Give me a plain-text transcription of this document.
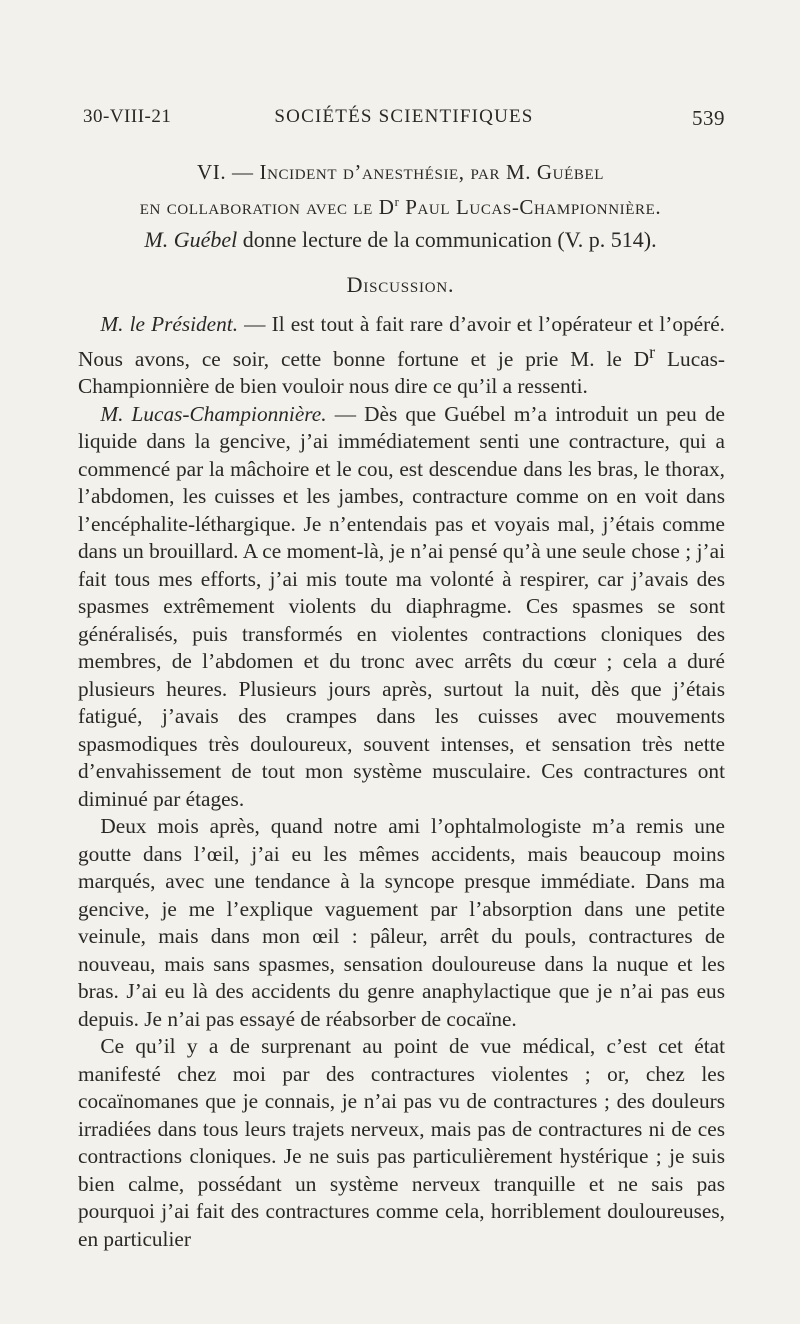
30-VIII-21	SOCIÉTÉS SCIENTIFIQUES	539
VI. — Incident d’anesthésie, par M. Guébel
en collaboration avec le $D^r$ Paul Lucas-Championnière.
M. Guébel donne lecture de la communication (V. p. 514).
Discussion.

M. le Président. — Il est tout à fait rare d’avoir et l’opérateur et l’opéré. Nous avons, ce soir, cette bonne fortune et je prie M. le $D^r$ Lucas-Championnière de bien vouloir nous dire ce qu’il a ressenti.

M. Lucas-Championnière. — Dès que Guébel m’a introduit un peu de liquide dans la gencive, j’ai immédiatement senti une contracture, qui a commencé par la mâchoire et le cou, est descendue dans les bras, le thorax, l’abdomen, les cuisses et les jambes, contracture comme on en voit dans l’encéphalite-léthargique. Je n’entendais pas et voyais mal, j’étais comme dans un brouillard. A ce moment-là, je n’ai pensé qu’à une seule chose ; j’ai fait tous mes efforts, j’ai mis toute ma volonté à respirer, car j’avais des spasmes extrêmement violents du diaphragme. Ces spasmes se sont généralisés, puis transformés en violentes contractions cloniques des membres, de l’abdomen et du tronc avec arrêts du cœur ; cela a duré plusieurs heures. Plusieurs jours après, surtout la nuit, dès que j’étais fatigué, j’avais des crampes dans les cuisses avec mouvements spasmodiques très douloureux, souvent intenses, et sensation très nette d’envahissement de tout mon système musculaire. Ces contractures ont diminué par étages.

Deux mois après, quand notre ami l’ophtalmologiste m’a remis une goutte dans l’œil, j’ai eu les mêmes accidents, mais beaucoup moins marqués, avec une tendance à la syncope presque immédiate. Dans ma gencive, je me l’explique vaguement par l’absorption dans une petite veinule, mais dans mon œil : pâleur, arrêt du pouls, contractures de nouveau, mais sans spasmes, sensation douloureuse dans la nuque et les bras. J’ai eu là des accidents du genre anaphylactique que je n’ai pas eus depuis. Je n’ai pas essayé de réabsorber de cocaïne.

Ce qu’il y a de surprenant au point de vue médical, c’est cet état manifesté chez moi par des contractures violentes ; or, chez les cocaïnomanes que je connais, je n’ai pas vu de contractures ; des douleurs irradiées dans tous leurs trajets nerveux, mais pas de contractures ni de ces contractions cloniques. Je ne suis pas particulièrement hystérique ; je suis bien calme, possédant un système nerveux tranquille et ne sais pas pourquoi j’ai fait des contractures comme cela, horriblement douloureuses, en particulier
